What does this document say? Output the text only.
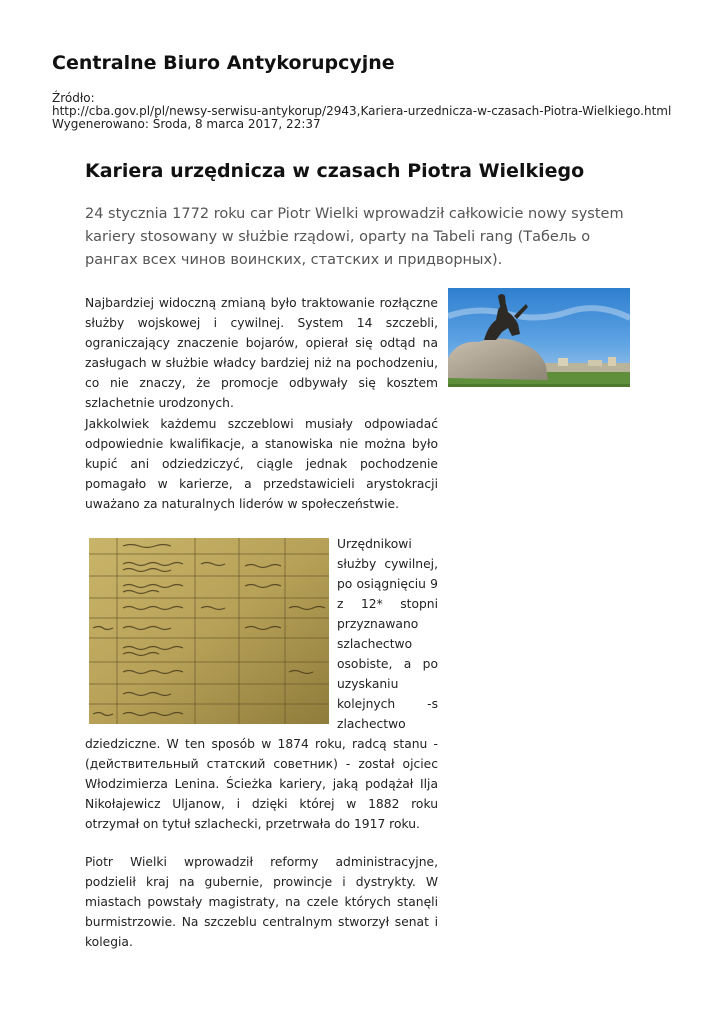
Centralne Biuro Antykorupcyjne
Źródło:
http://cba.gov.pl/pl/newsy-serwisu-antykorup/2943,Kariera-urzednicza-w-czasach-Piotra-Wielkiego.html
Wygenerowano: Środa, 8 marca 2017, 22:37
Kariera urzędnicza w czasach Piotra Wielkiego

24 stycznia 1772 roku car Piotr Wielki wprowadził całkowicie nowy system kariery stosowany w służbie rządowi, oparty na Tabeli rang (Табель о рангах всех чинов воинских, статских и придворных).

Najbardziej widoczną zmianą było traktowanie rozłączne służby wojskowej i cywilnej. System 14 szczebli, ograniczający znaczenie bojarów, opierał się odtąd na zasługach w służbie władcy bardziej niż na pochodzeniu, co nie znaczy, że promocje odbywały się kosztem szlachetnie urodzonych.

Jakkolwiek każdemu szczeblowi musiały odpowiadać odpowiednie kwalifikacje, a stanowiska nie można było kupić ani odziedziczyć, ciągle jednak pochodzenie pomagało w karierze, a przedstawicieli arystokracji uważano za naturalnych liderów w społeczeństwie.

Urzędnikowi służby cywilnej, po osiągnięciu 9 z 12* stopni przyznawano szlachectwo osobiste, a po uzyskaniu kolejnych -s zlachectwo dziedziczne. W ten sposób w 1874 roku, radcą stanu - (действительный статский советник) - został ojciec Włodzimierza Lenina. Ścieżka kariery, jaką podążał Ilja Nikołajewicz Uljanow, i dzięki której w 1882 roku otrzymał on tytuł szlachecki, przetrwała do 1917 roku.

Piotr Wielki wprowadził reformy administracyjne, podzielił kraj na gubernie, prowincje i dystrykty. W miastach powstały magistraty, na czele których stanęli burmistrzowie. Na szczeblu centralnym stworzył senat i kolegia.
